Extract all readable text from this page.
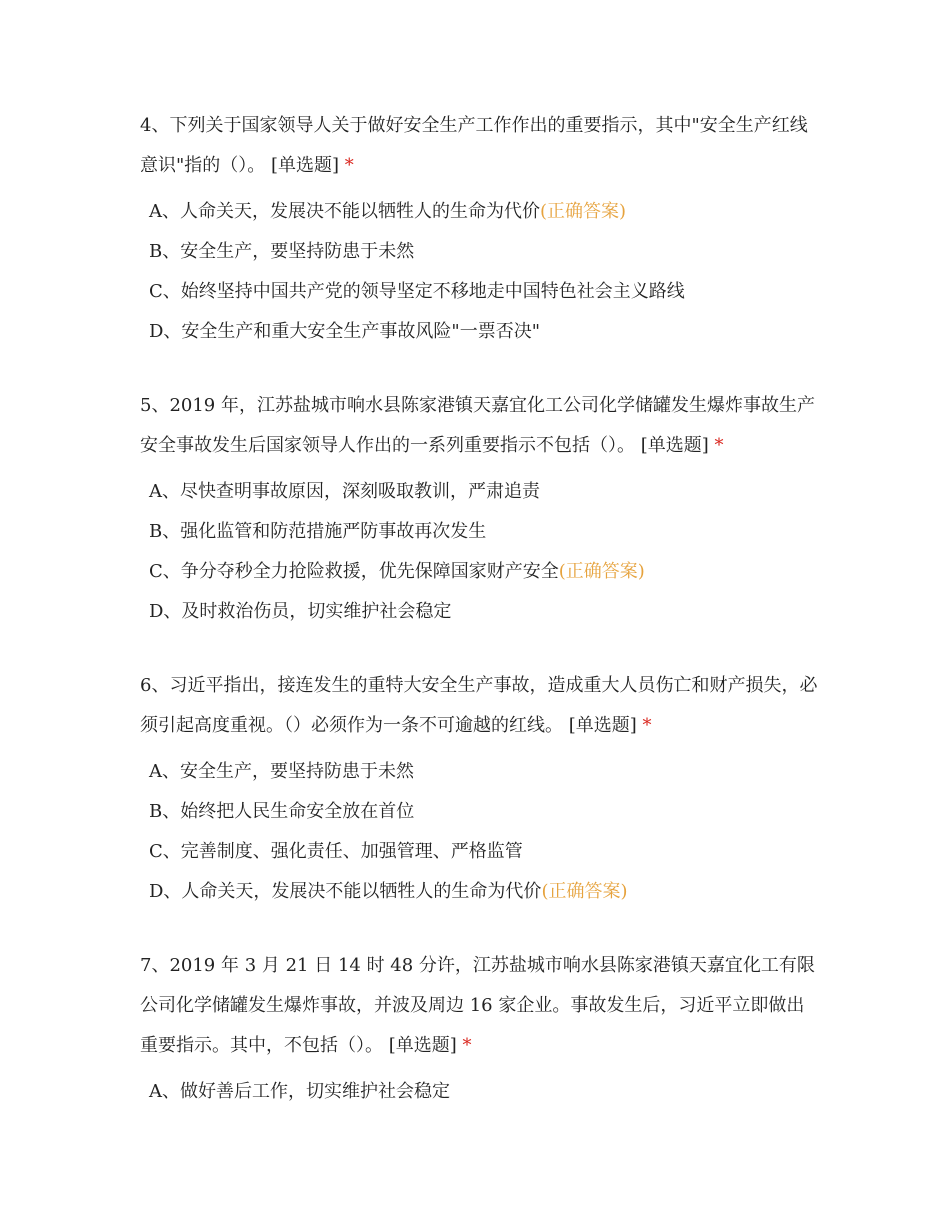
4、下列关于国家领导人关于做好安全生产工作作出的重要指示，其中"安全生产红线意识"指的（）。 [单选题] *

A、人命关天，发展决不能以牺牲人的生命为代价(正确答案)
B、安全生产，要坚持防患于未然
C、始终坚持中国共产党的领导坚定不移地走中国特色社会主义路线
D、安全生产和重大安全生产事故风险"一票否决"

5、2019 年，江苏盐城市响水县陈家港镇天嘉宜化工公司化学储罐发生爆炸事故生产安全事故发生后国家领导人作出的一系列重要指示不包括（）。 [单选题] *

A、尽快查明事故原因，深刻吸取教训，严肃追责
B、强化监管和防范措施严防事故再次发生
C、争分夺秒全力抢险救援，优先保障国家财产安全(正确答案)
D、及时救治伤员，切实维护社会稳定

6、习近平指出，接连发生的重特大安全生产事故，造成重大人员伤亡和财产损失，必须引起高度重视。（）必须作为一条不可逾越的红线。 [单选题] *

A、安全生产，要坚持防患于未然
B、始终把人民生命安全放在首位
C、完善制度、强化责任、加强管理、严格监管
D、人命关天，发展决不能以牺牲人的生命为代价(正确答案)

7、2019 年 3 月 21 日 14 时 48 分许，江苏盐城市响水县陈家港镇天嘉宜化工有限公司化学储罐发生爆炸事故，并波及周边 16 家企业。事故发生后，习近平立即做出重要指示。其中，不包括（）。 [单选题] *

A、做好善后工作，切实维护社会稳定
